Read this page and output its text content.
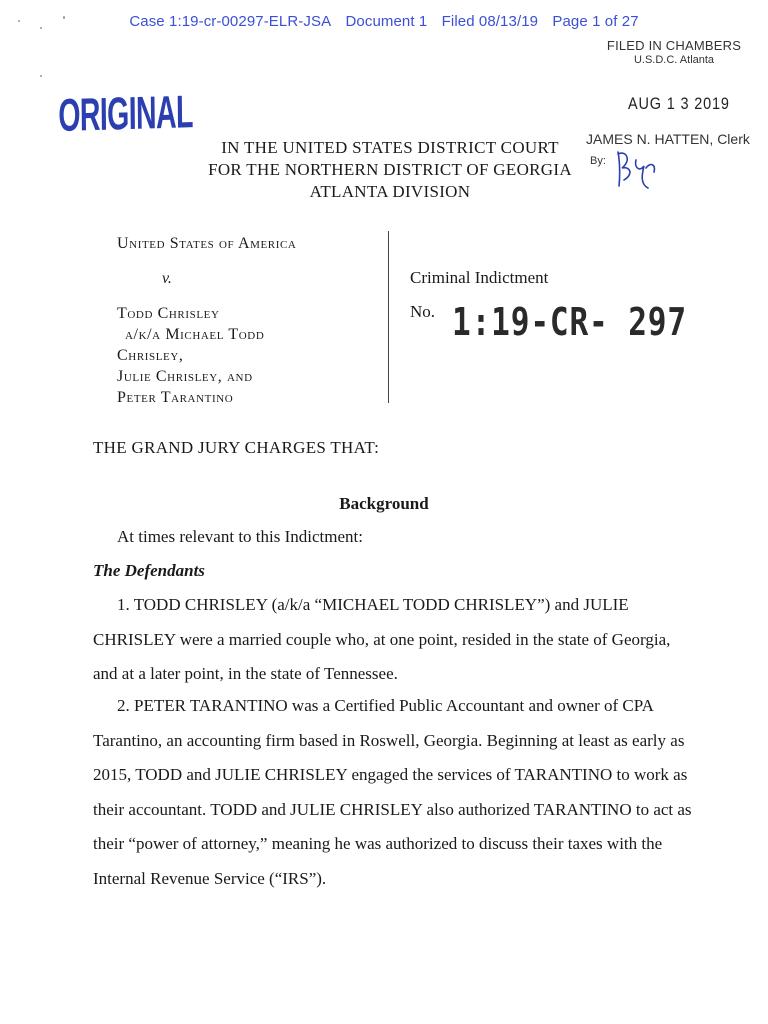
Case 1:19-cr-00297-ELR-JSA Document 1 Filed 08/13/19 Page 1 of 27
ORIGINAL
FILED IN CHAMBERS
U.S.D.C. Atlanta
AUG 1 3 2019
JAMES N. HATTEN, Clerk
By:
IN THE UNITED STATES DISTRICT COURT
FOR THE NORTHERN DISTRICT OF GEORGIA
ATLANTA DIVISION
United States of America
v.
Todd Chrisley
a/k/a Michael Todd
Chrisley,
Julie Chrisley, and
Peter Tarantino
Criminal Indictment
No. 1:19-CR- 297
THE GRAND JURY CHARGES THAT:
Background
At times relevant to this Indictment:
The Defendants
1. TODD CHRISLEY (a/k/a “MICHAEL TODD CHRISLEY”) and JULIE CHRISLEY were a married couple who, at one point, resided in the state of Georgia, and at a later point, in the state of Tennessee.
2. PETER TARANTINO was a Certified Public Accountant and owner of CPA Tarantino, an accounting firm based in Roswell, Georgia. Beginning at least as early as 2015, TODD and JULIE CHRISLEY engaged the services of TARANTINO to work as their accountant. TODD and JULIE CHRISLEY also authorized TARANTINO to act as their “power of attorney,” meaning he was authorized to discuss their taxes with the Internal Revenue Service (“IRS”).
